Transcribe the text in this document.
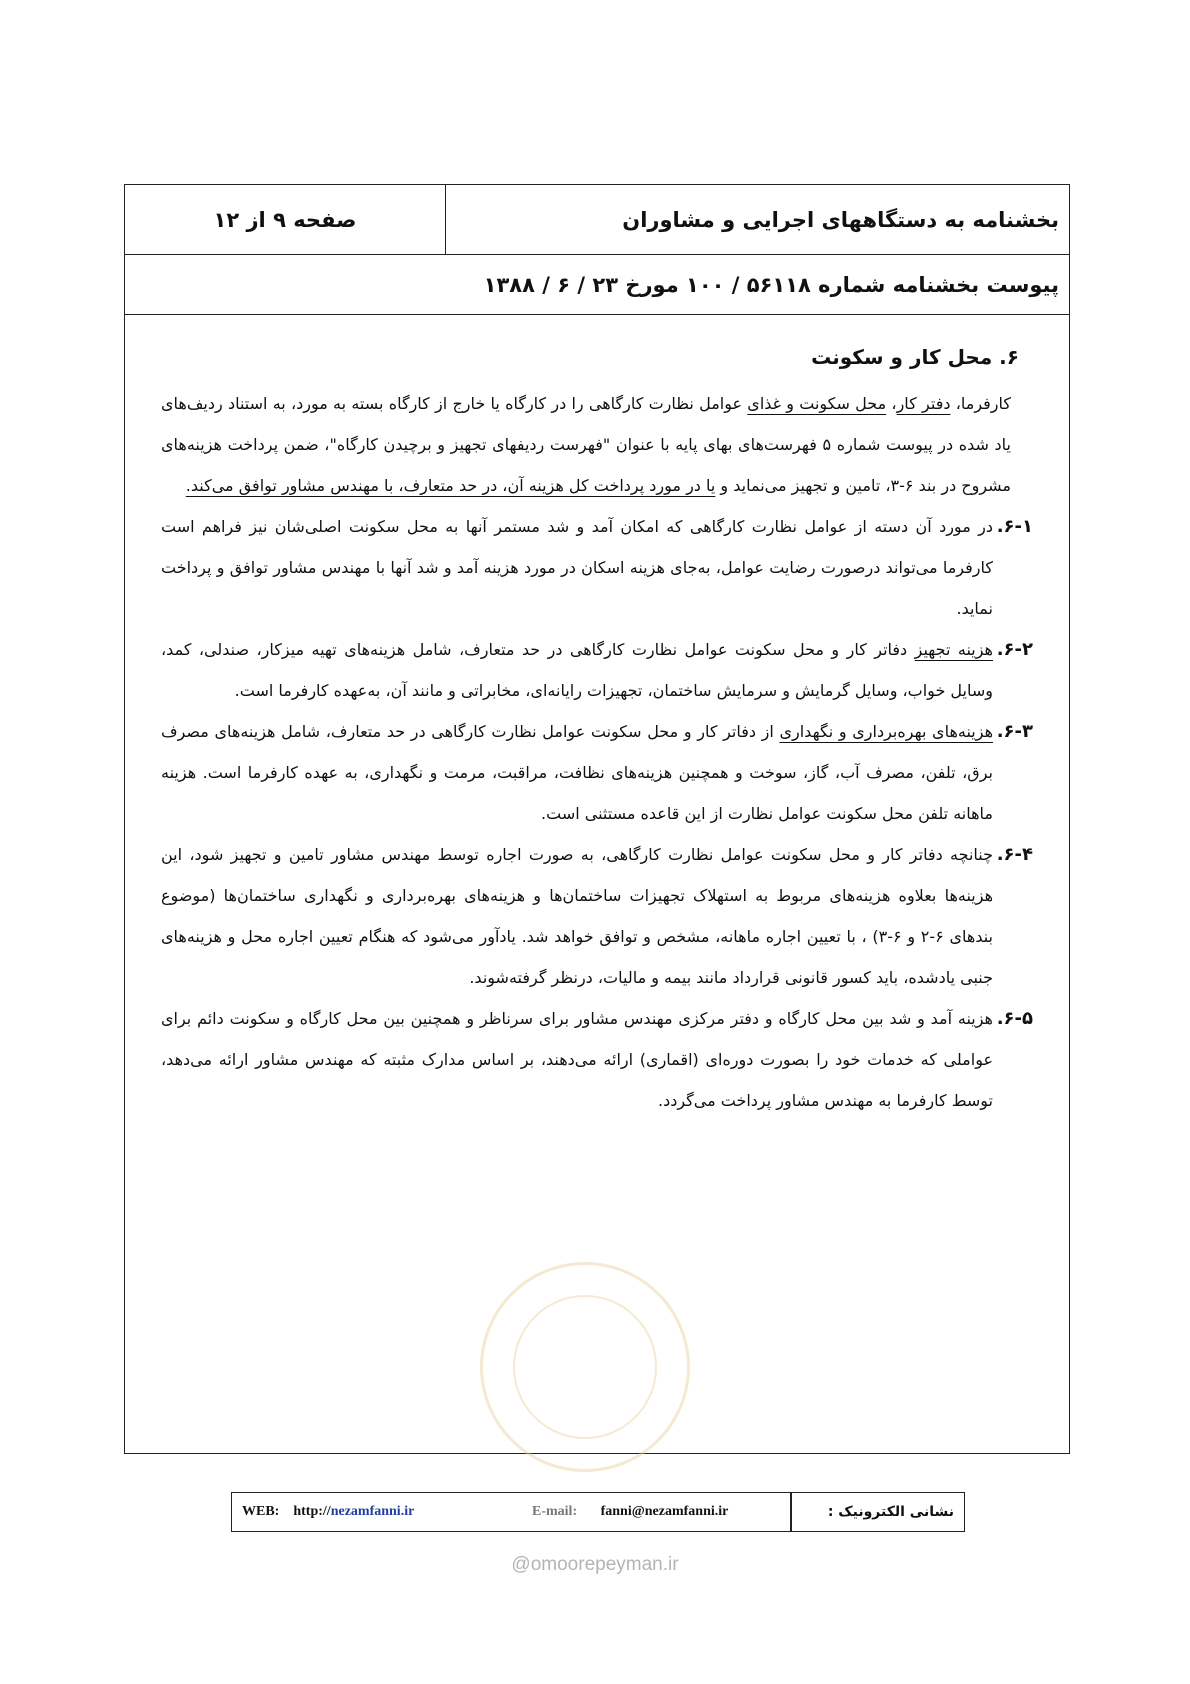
بخشنامه به دستگاههای اجرایی و مشاوران
صفحه ۹ از ۱۲
پیوست بخشنامه شماره ۵۶۱۱۸ / ۱۰۰ مورخ ۲۳ / ۶ / ۱۳۸۸
۶. محل کار و سکونت

کارفرما، دفتر کار، محل سکونت و غذای عوامل نظارت کارگاهی را در کارگاه یا خارج از کارگاه بسته به مورد، به استناد ردیف‌های یاد شده در پیوست شماره ۵ فهرست‌های بهای پایه با عنوان "فهرست ردیفهای تجهیز و برچیدن کارگاه"، ضمن پرداخت هزینه‌های مشروح در بند ۶-۳، تامین و تجهیز می‌نماید و یا در مورد پرداخت کل هزینه آن، در حد متعارف، با مهندس مشاور توافق می‌کند.

۶-۱.
در مورد آن دسته از عوامل نظارت کارگاهی که امکان آمد و شد مستمر آنها به محل سکونت اصلی‌شان نیز فراهم است کارفرما می‌تواند درصورت رضایت عوامل، به‌جای هزینه اسکان در مورد هزینه آمد و شد آنها با مهندس مشاور توافق و پرداخت نماید.
۶-۲.
هزینه تجهیز دفاتر کار و محل سکونت عوامل نظارت کارگاهی در حد متعارف، شامل هزینه‌های تهیه میزکار، صندلی، کمد، وسایل خواب، وسایل گرمایش و سرمایش ساختمان، تجهیزات رایانه‌ای، مخابراتی و مانند آن، به‌عهده کارفرما است.
۶-۳.
هزینه‌های بهره‌برداری و نگهداری از دفاتر کار و محل سکونت عوامل نظارت کارگاهی در حد متعارف، شامل هزینه‌های مصرف برق، تلفن، مصرف آب، گاز، سوخت و همچنین هزینه‌های نظافت، مراقبت، مرمت و نگهداری، به عهده کارفرما است. هزینه ماهانه تلفن محل سکونت عوامل نظارت از این قاعده مستثنی است.
۶-۴.
چنانچه دفاتر کار و محل سکونت عوامل نظارت کارگاهی، به صورت اجاره توسط مهندس مشاور تامین و تجهیز شود، این هزینه‌ها بعلاوه هزینه‌های مربوط به استهلاک تجهیزات ساختمان‌ها و هزینه‌های بهره‌برداری و نگهداری ساختمان‌ها (موضوع بندهای ۶-۲ و ۶-۳) ، با تعیین اجاره ماهانه، مشخص و توافق خواهد شد. یادآور می‌شود که هنگام تعیین اجاره محل و هزینه‌های جنبی یادشده، باید کسور قانونی قرارداد مانند بیمه و مالیات، درنظر گرفته‌شوند.
۶-۵.
هزینه آمد و شد بین محل کارگاه و دفتر مرکزی مهندس مشاور برای سرناظر و همچنین بین محل کارگاه و سکونت دائم برای عواملی که خدمات خود را بصورت دوره‌ای (اقماری) ارائه می‌دهند، بر اساس مدارک مثبته که مهندس مشاور ارائه می‌دهد، توسط کارفرما به مهندس مشاور پرداخت می‌گردد.
WEB: http://nezamfanni.ir	E-mail: fanni@nezamfanni.ir	نشانی الکترونیک :
@omoorepeyman.ir
